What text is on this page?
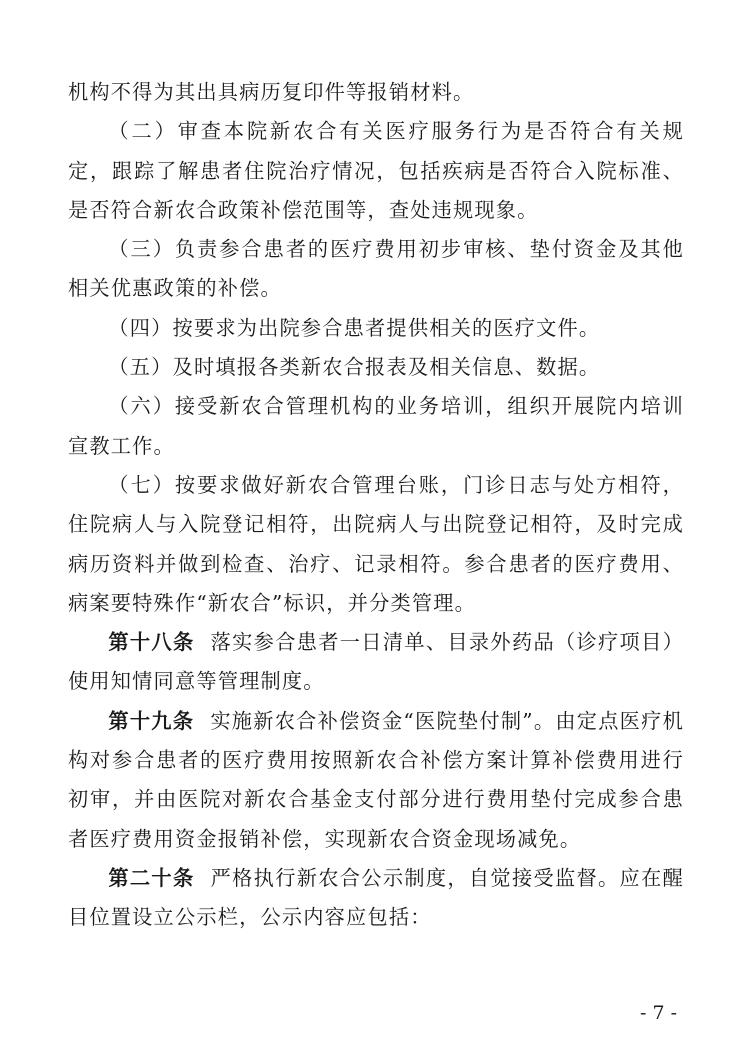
机构不得为其出具病历复印件等报销材料。

（二）审查本院新农合有关医疗服务行为是否符合有关规定，跟踪了解患者住院治疗情况，包括疾病是否符合入院标准、是否符合新农合政策补偿范围等，查处违规现象。

（三）负责参合患者的医疗费用初步审核、垫付资金及其他相关优惠政策的补偿。

（四）按要求为出院参合患者提供相关的医疗文件。

（五）及时填报各类新农合报表及相关信息、数据。

（六）接受新农合管理机构的业务培训，组织开展院内培训宣教工作。

（七）按要求做好新农合管理台账，门诊日志与处方相符，住院病人与入院登记相符，出院病人与出院登记相符，及时完成病历资料并做到检查、治疗、记录相符。参合患者的医疗费用、病案要特殊作“新农合”标识，并分类管理。

第十八条 落实参合患者一日清单、目录外药品（诊疗项目）使用知情同意等管理制度。

第十九条 实施新农合补偿资金“医院垫付制”。由定点医疗机构对参合患者的医疗费用按照新农合补偿方案计算补偿费用进行初审，并由医院对新农合基金支付部分进行费用垫付完成参合患者医疗费用资金报销补偿，实现新农合资金现场减免。

第二十条 严格执行新农合公示制度，自觉接受监督。应在醒目位置设立公示栏，公示内容应包括：

- 7 -
